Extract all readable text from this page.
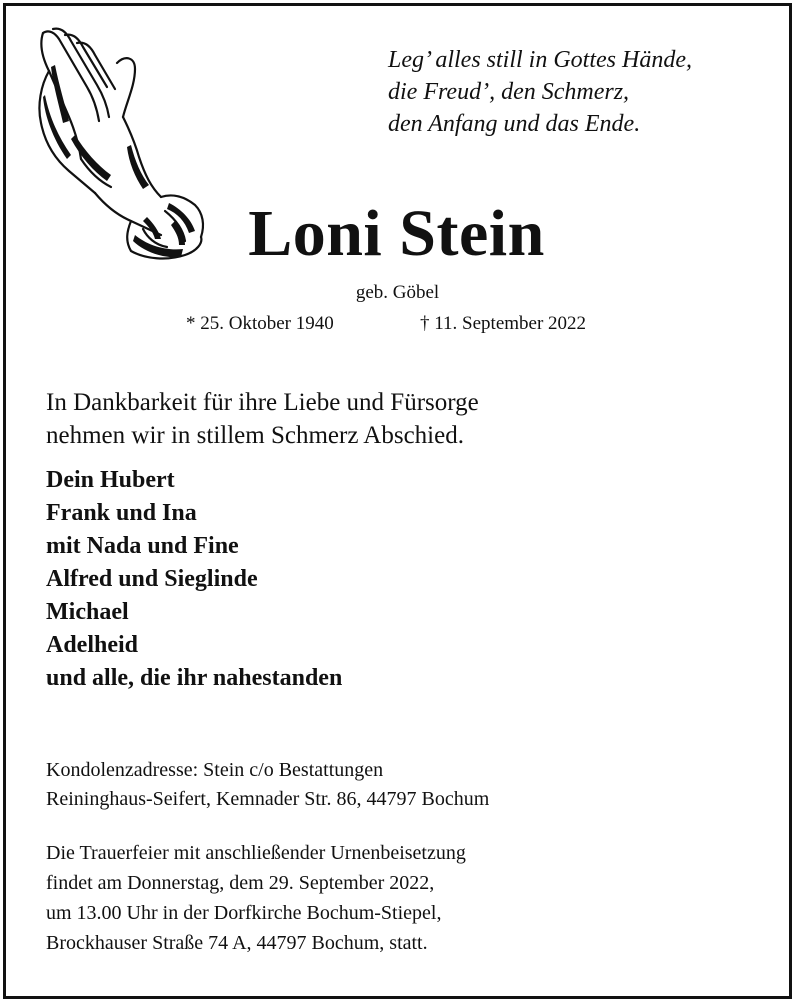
Leg’ alles still in Gottes Hände,
die Freud’, den Schmerz,
den Anfang und das Ende.
Loni Stein
geb. Göbel
* 25. Oktober 1940	† 11. September 2022
In Dankbarkeit für ihre Liebe und Fürsorge
nehmen wir in stillem Schmerz Abschied.
Dein Hubert
Frank und Ina
mit Nada und Fine
Alfred und Sieglinde
Michael
Adelheid
und alle, die ihr nahestanden
Kondolenzadresse: Stein c/o Bestattungen
Reininghaus-Seifert, Kemnader Str. 86, 44797 Bochum
Die Trauerfeier mit anschließender Urnenbeisetzung
findet am Donnerstag, dem 29. September 2022,
um 13.00 Uhr in der Dorfkirche Bochum-Stiepel,
Brockhauser Straße 74 A, 44797 Bochum, statt.
